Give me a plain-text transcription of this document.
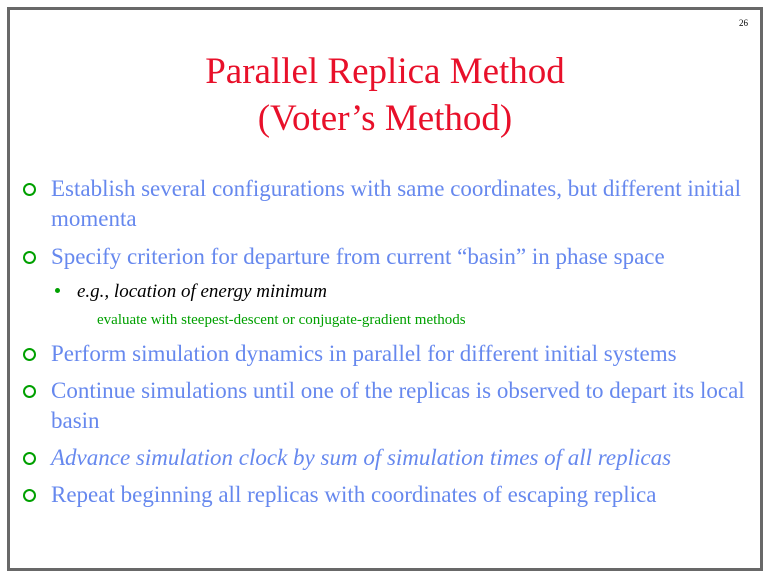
26
Parallel Replica Method
(Voter’s Method)
Establish several configurations with same coordinates, but different initial momenta
Specify criterion for departure from current “basin” in phase space
e.g., location of energy minimum
evaluate with steepest-descent or conjugate-gradient methods
Perform simulation dynamics in parallel for different initial systems
Continue simulations until one of the replicas is observed to depart its local basin
Advance simulation clock by sum of simulation times of all replicas
Repeat beginning all replicas with coordinates of escaping replica
